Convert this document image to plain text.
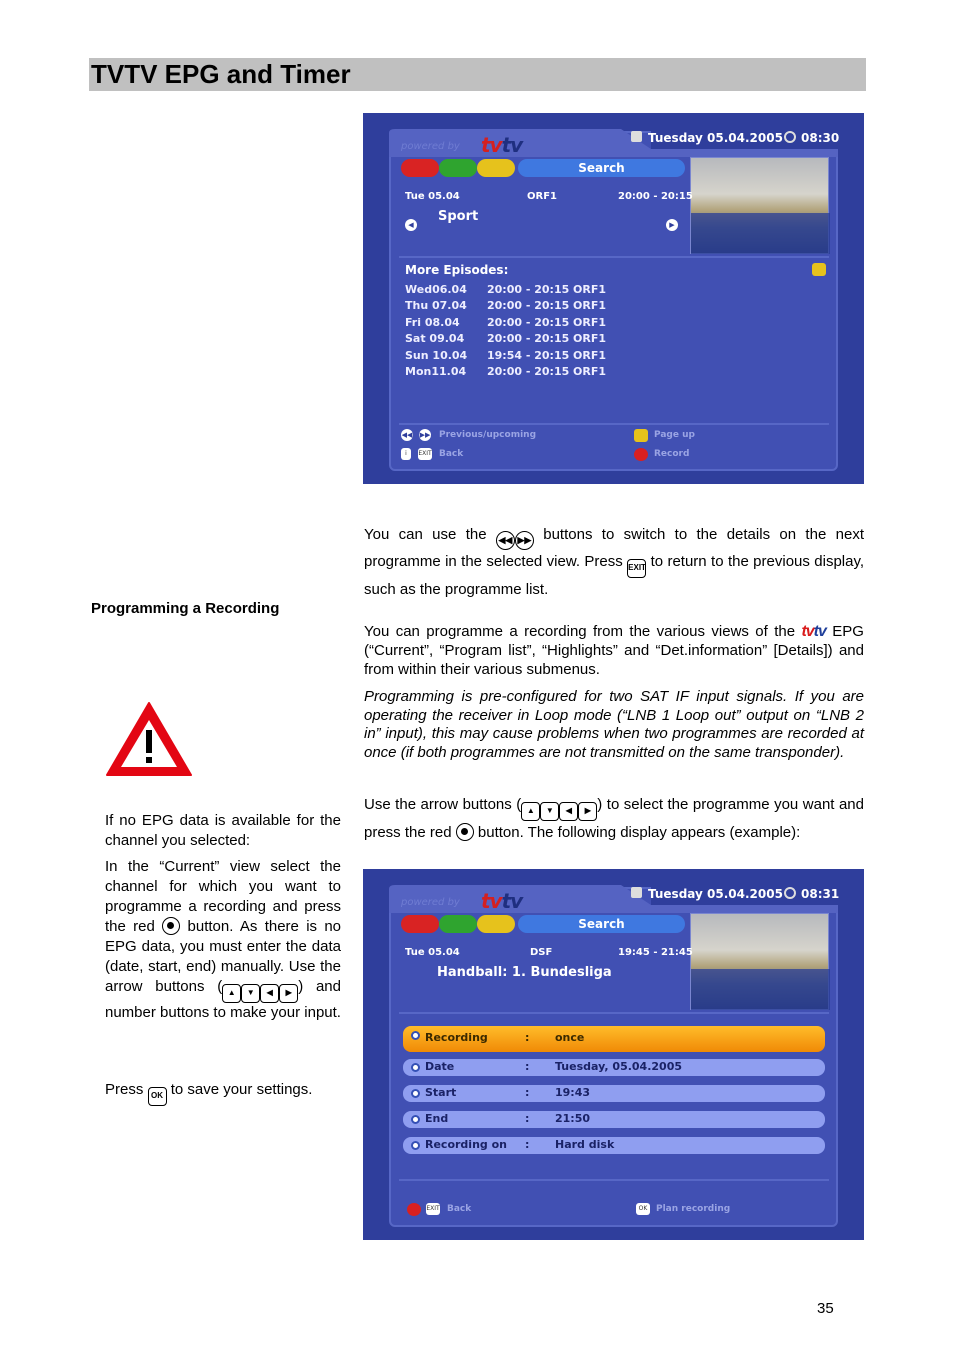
TVTV EPG and Timer
powered by tvtv	Tuesday 05.04.2005 08:30
Search
Tue 05.04	ORF1	20:00 - 20:15
Sport
◀	▶
More Episodes:
Wed06.04 20:00 - 20:15 ORF1
Thu 07.04 20:00 - 20:15 ORF1
Fri 08.04 20:00 - 20:15 ORF1
Sat 09.04 20:00 - 20:15 ORF1
Sun 10.04 19:54 - 20:15 ORF1
Mon11.04 20:00 - 20:15 ORF1
◀◀ ▶▶ Previous/upcoming
i	EXIT Back
Page up
Record
You can use the ◀◀ ▶▶ buttons to switch to the details on the next programme in the selected view. Press EXIT to return to the previous display, such as the programme list.
Programming a Recording
You can programme a recording from the various views of the tvtv EPG (“Current”, “Program list”, “Highlights” and “Det.information” [Details]) and from within their various submenus.
Programming is pre-configured for two SAT IF input signals. If you are operating the receiver in Loop mode (“LNB 1 Loop out” output on “LNB 2 in” input), this may cause problems when two programmes are recorded at once (if both programmes are not transmitted on the same transponder).
Use the arrow buttons ( ▲ ▼ ◀ ▶ ) to select the programme you want and press the red button. The following display appears (example):
If no EPG data is available for the channel you selected:
In the “Current” view select the channel for which you want to programme a recording and press the red button. As there is no EPG data, you must enter the data (date, start, end) manually. Use the arrow buttons ( ▲ ▼ ◀ ▶ ) and number buttons to make your input.
Press OK to save your settings.
powered by tvtv	Tuesday 05.04.2005 08:31
Search
Tue 05.04	DSF	19:45 - 21:45
Handball: 1. Bundesliga
Recording	: once
Date	: Tuesday, 05.04.2005
Start	: 19:43
End	: 21:50
Recording on : Hard disk
EXIT Back	OK Plan recording
35
